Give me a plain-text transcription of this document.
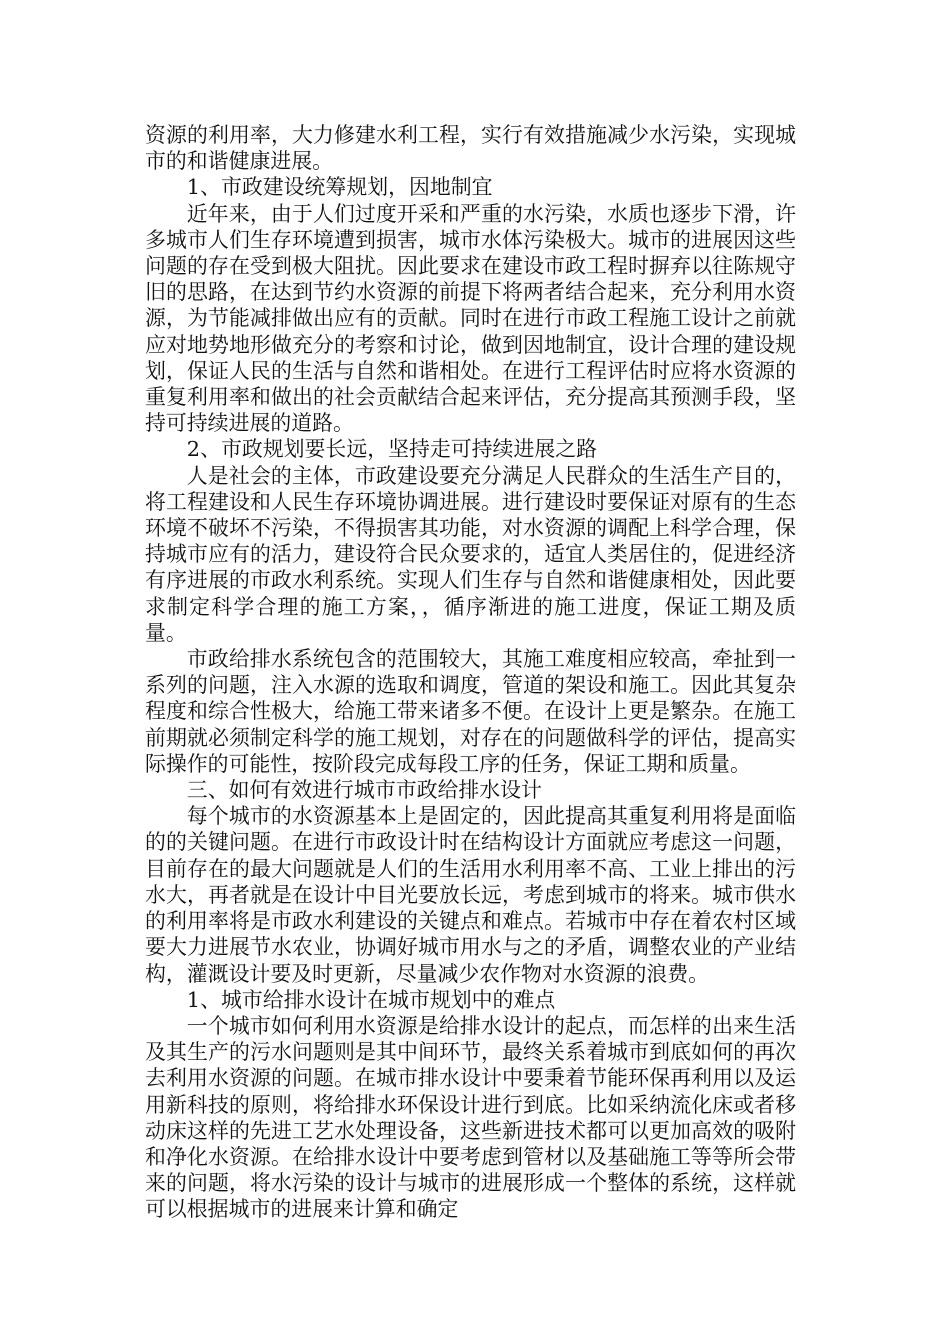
资源的利用率，大力修建水利工程，实行有效措施减少水污染，实现城市的和谐健康进展。

1、市政建设统筹规划，因地制宜

近年来，由于人们过度开采和严重的水污染，水质也逐步下滑，许多城市人们生存环境遭到损害，城市水体污染极大。城市的进展因这些问题的存在受到极大阻扰。因此要求在建设市政工程时摒弃以往陈规守旧的思路，在达到节约水资源的前提下将两者结合起来，充分利用水资源，为节能减排做出应有的贡献。同时在进行市政工程施工设计之前就应对地势地形做充分的考察和讨论，做到因地制宜，设计合理的建设规划，保证人民的生活与自然和谐相处。在进行工程评估时应将水资源的重复利用率和做出的社会贡献结合起来评估，充分提高其预测手段，坚持可持续进展的道路。

2、市政规划要长远，坚持走可持续进展之路

人是社会的主体，市政建设要充分满足人民群众的生活生产目的，将工程建设和人民生存环境协调进展。进行建设时要保证对原有的生态环境不破坏不污染，不得损害其功能，对水资源的调配上科学合理，保持城市应有的活力，建设符合民众要求的，适宜人类居住的，促进经济有序进展的市政水利系统。实现人们生存与自然和谐健康相处，因此要求制定科学合理的施工方案，，循序渐进的施工进度，保证工期及质量。

市政给排水系统包含的范围较大，其施工难度相应较高，牵扯到一系列的问题，注入水源的选取和调度，管道的架设和施工。因此其复杂程度和综合性极大，给施工带来诸多不便。在设计上更是繁杂。在施工前期就必须制定科学的施工规划，对存在的问题做科学的评估，提高实际操作的可能性，按阶段完成每段工序的任务，保证工期和质量。

三、如何有效进行城市市政给排水设计

每个城市的水资源基本上是固定的，因此提高其重复利用将是面临的的关键问题。在进行市政设计时在结构设计方面就应考虑这一问题，目前存在的最大问题就是人们的生活用水利用率不高、工业上排出的污水大，再者就是在设计中目光要放长远，考虑到城市的将来。城市供水的利用率将是市政水利建设的关键点和难点。若城市中存在着农村区域要大力进展节水农业，协调好城市用水与之的矛盾，调整农业的产业结构，灌溉设计要及时更新，尽量减少农作物对水资源的浪费。

1、城市给排水设计在城市规划中的难点

一个城市如何利用水资源是给排水设计的起点，而怎样的出来生活及其生产的污水问题则是其中间环节，最终关系着城市到底如何的再次去利用水资源的问题。在城市排水设计中要秉着节能环保再利用以及运用新科技的原则，将给排水环保设计进行到底。比如采纳流化床或者移动床这样的先进工艺水处理设备，这些新进技术都可以更加高效的吸附和净化水资源。在给排水设计中要考虑到管材以及基础施工等等所会带来的问题，将水污染的设计与城市的进展形成一个整体的系统，这样就可以根据城市的进展来计算和确定
